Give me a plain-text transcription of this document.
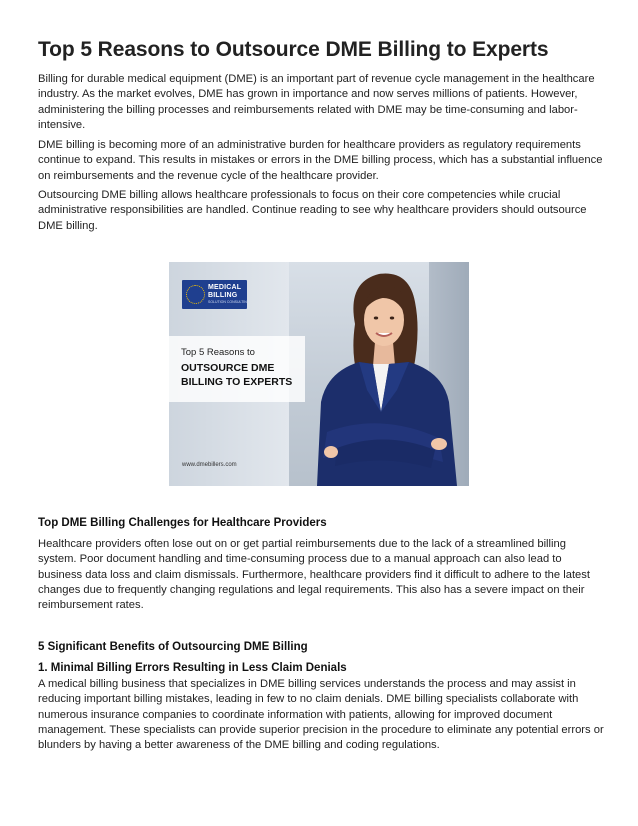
Top 5 Reasons to Outsource DME Billing to Experts

Billing for durable medical equipment (DME) is an important part of revenue cycle management in the healthcare industry. As the market evolves, DME has grown in importance and now serves millions of patients. However, administering the billing processes and reimbursements related with DME may be time-consuming and labor-intensive.

DME billing is becoming more of an administrative burden for healthcare providers as regulatory requirements continue to expand. This results in mistakes or errors in the DME billing process, which has a substantial influence on reimbursements and the revenue cycle of the healthcare provider.

Outsourcing DME billing allows healthcare professionals to focus on their core competencies while crucial administrative responsibilities are handled. Continue reading to see why healthcare providers should outsource DME billing.

MEDICAL
BILLING
SOLUTION CONSULTING
Top 5 Reasons to
OUTSOURCE DME
BILLING TO EXPERTS
www.dmebillers.com
Top DME Billing Challenges for Healthcare Providers

Healthcare providers often lose out on or get partial reimbursements due to the lack of a streamlined billing system. Poor document handling and time-consuming process due to a manual approach can also lead to business data loss and claim dismissals. Furthermore, healthcare providers find it difficult to adhere to the latest changes due to frequently changing regulations and legal requirements. This also has a severe impact on their reimbursement rates.

5 Significant Benefits of Outsourcing DME Billing
1. Minimal Billing Errors Resulting in Less Claim Denials

A medical billing business that specializes in DME billing services understands the process and may assist in reducing important billing mistakes, leading in few to no claim denials. DME billing specialists collaborate with numerous insurance companies to coordinate information with patients, allowing for improved document management. These specialists can provide superior precision in the procedure to eliminate any potential errors or blunders by having a better awareness of the DME billing and coding regulations.
